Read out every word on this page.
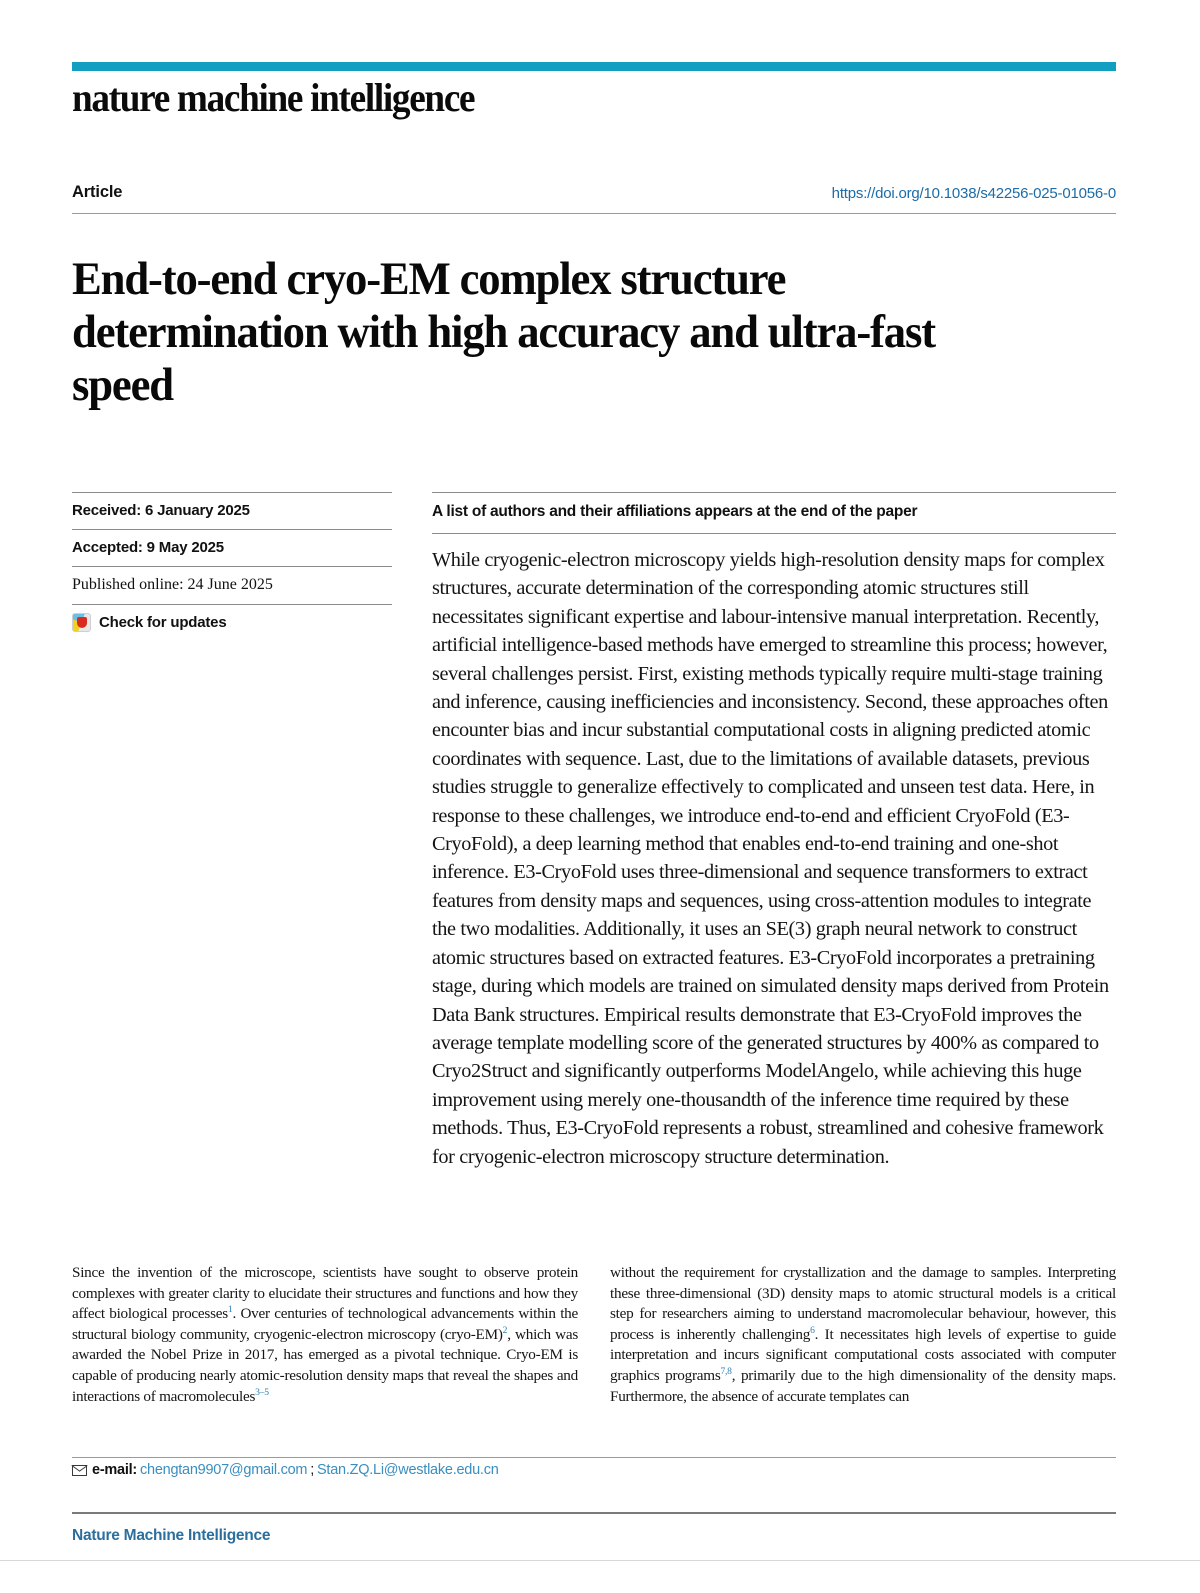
nature machine intelligence
Article	https://doi.org/10.1038/s42256-025-01056-0
End-to-end cryo-EM complex structure determination with high accuracy and ultra-fast speed
Received: 6 January 2025
Accepted: 9 May 2025
Published online: 24 June 2025
Check for updates
A list of authors and their affiliations appears at the end of the paper
While cryogenic-electron microscopy yields high-resolution density maps for complex structures, accurate determination of the corresponding atomic structures still necessitates significant expertise and labour-intensive manual interpretation. Recently, artificial intelligence-based methods have emerged to streamline this process; however, several challenges persist. First, existing methods typically require multi-stage training and inference, causing inefficiencies and inconsistency. Second, these approaches often encounter bias and incur substantial computational costs in aligning predicted atomic coordinates with sequence. Last, due to the limitations of available datasets, previous studies struggle to generalize effectively to complicated and unseen test data. Here, in response to these challenges, we introduce end-to-end and efficient CryoFold (E3-CryoFold), a deep learning method that enables end-to-end training and one-shot inference. E3-CryoFold uses three-dimensional and sequence transformers to extract features from density maps and sequences, using cross-attention modules to integrate the two modalities. Additionally, it uses an SE(3) graph neural network to construct atomic structures based on extracted features. E3-CryoFold incorporates a pretraining stage, during which models are trained on simulated density maps derived from Protein Data Bank structures. Empirical results demonstrate that E3-CryoFold improves the average template modelling score of the generated structures by 400% as compared to Cryo2Struct and significantly outperforms ModelAngelo, while achieving this huge improvement using merely one-thousandth of the inference time required by these methods. Thus, E3-CryoFold represents a robust, streamlined and cohesive framework for cryogenic-electron microscopy structure determination.
Since the invention of the microscope, scientists have sought to observe protein complexes with greater clarity to elucidate their structures and functions and how they affect biological processes$^1$. Over centuries of technological advancements within the structural biology community, cryogenic-electron microscopy (cryo-EM)$^2$, which was awarded the Nobel Prize in 2017, has emerged as a pivotal technique. Cryo-EM is capable of producing nearly atomic-resolution density maps that reveal the shapes and interactions of macromolecules$^{3-5}$
without the requirement for crystallization and the damage to samples. Interpreting these three-dimensional (3D) density maps to atomic structural models is a critical step for researchers aiming to understand macromolecular behaviour, however, this process is inherently challenging$^6$. It necessitates high levels of expertise to guide interpretation and incurs significant computational costs associated with computer graphics programs$^{7,8}$, primarily due to the high dimensionality of the density maps. Furthermore, the absence of accurate templates can
e-mail: chengtan9907@gmail.com ; Stan.ZQ.Li@westlake.edu.cn
Nature Machine Intelligence
